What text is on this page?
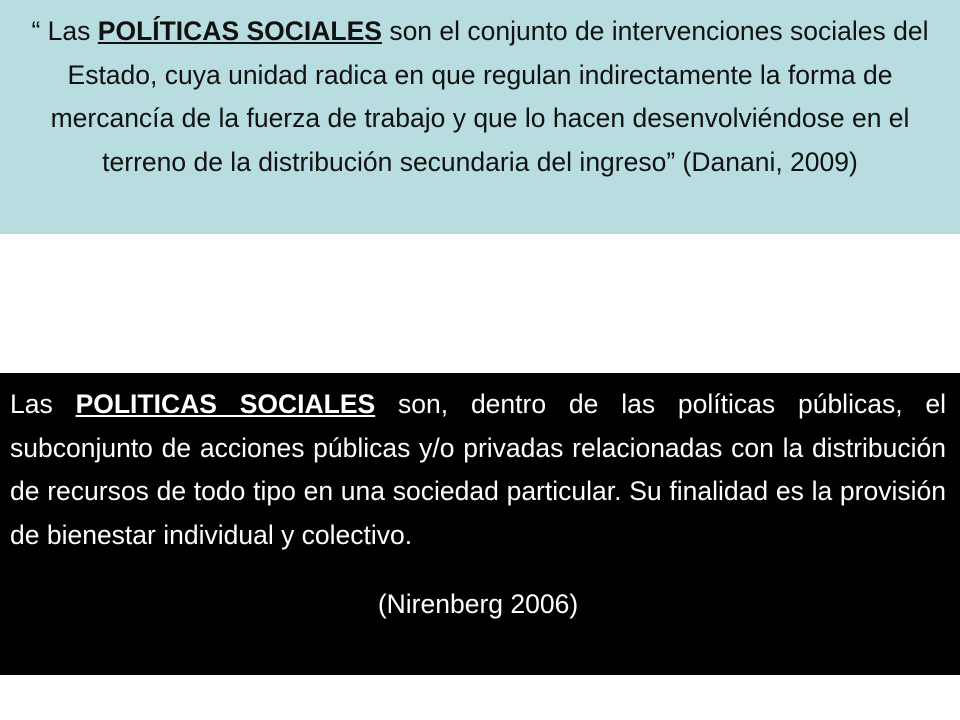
“ Las POLÍTICAS SOCIALES son el conjunto de intervenciones sociales del Estado, cuya unidad radica en que regulan indirectamente la forma de mercancía de la fuerza de trabajo y que lo hacen desenvolviéndose en el terreno de la distribución secundaria del ingreso” (Danani, 2009)

Las POLITICAS SOCIALES son, dentro de las políticas públicas, el subconjunto de acciones públicas y/o privadas relacionadas con la distribución de recursos de todo tipo en una sociedad particular. Su finalidad es la provisión de bienestar individual y colectivo.

(Nirenberg 2006)
